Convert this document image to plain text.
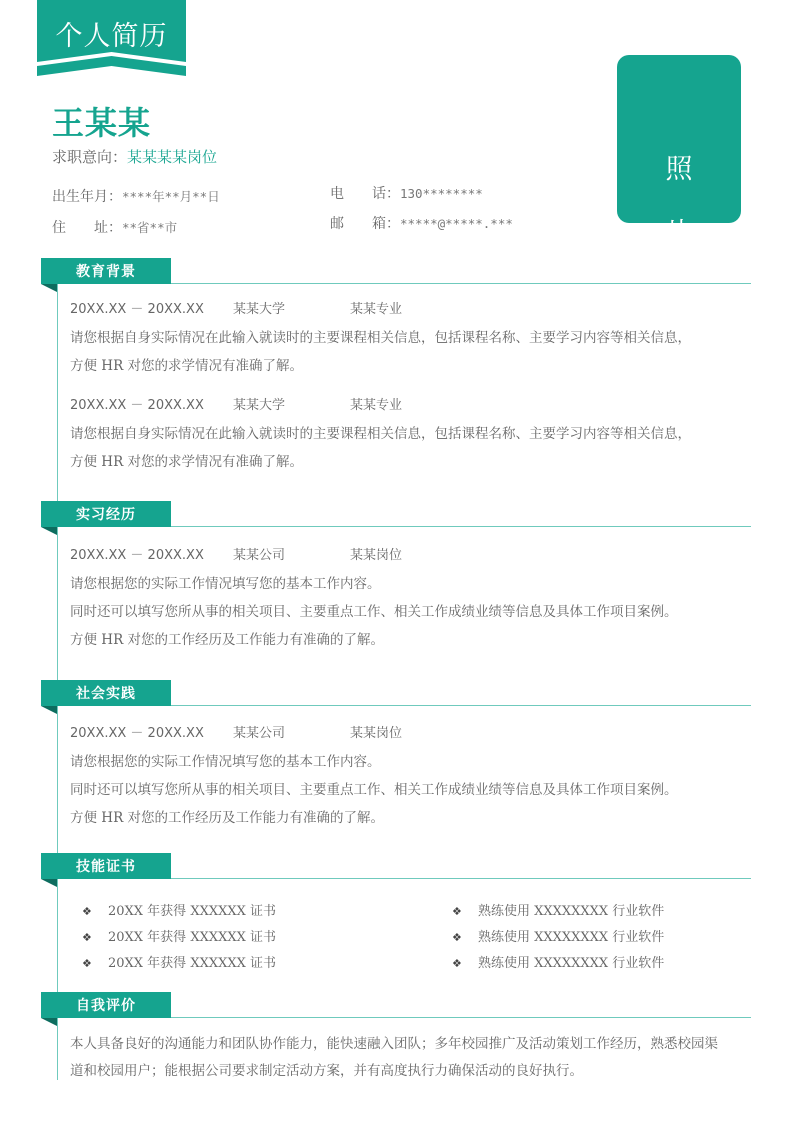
个人简历
王某某
求职意向：某某某某岗位
出生年月：****年**月**日
住　　址：**省**市
电　　话：130********
邮　　箱：*****@*****.***
照
片
教育背景
20XX.XX － 20XX.XX 某某大学	某某专业
请您根据自身实际情况在此输入就读时的主要课程相关信息，包括课程名称、主要学习内容等相关信息，
方便 HR 对您的求学情况有准确了解。
20XX.XX － 20XX.XX 某某大学	某某专业
请您根据自身实际情况在此输入就读时的主要课程相关信息，包括课程名称、主要学习内容等相关信息，
方便 HR 对您的求学情况有准确了解。
实习经历
20XX.XX － 20XX.XX 某某公司	某某岗位
请您根据您的实际工作情况填写您的基本工作内容。
同时还可以填写您所从事的相关项目、主要重点工作、相关工作成绩业绩等信息及具体工作项目案例。
方便 HR 对您的工作经历及工作能力有准确的了解。
社会实践
20XX.XX － 20XX.XX 某某公司	某某岗位
请您根据您的实际工作情况填写您的基本工作内容。
同时还可以填写您所从事的相关项目、主要重点工作、相关工作成绩业绩等信息及具体工作项目案例。
方便 HR 对您的工作经历及工作能力有准确的了解。
技能证书
❖ 20XX 年获得 XXXXXX 证书
❖ 20XX 年获得 XXXXXX 证书
❖ 20XX 年获得 XXXXXX 证书
❖ 熟练使用 XXXXXXXX 行业软件
❖ 熟练使用 XXXXXXXX 行业软件
❖ 熟练使用 XXXXXXXX 行业软件
自我评价
本人具备良好的沟通能力和团队协作能力，能快速融入团队；多年校园推广及活动策划工作经历，熟悉校园渠
道和校园用户；能根据公司要求制定活动方案，并有高度执行力确保活动的良好执行。
